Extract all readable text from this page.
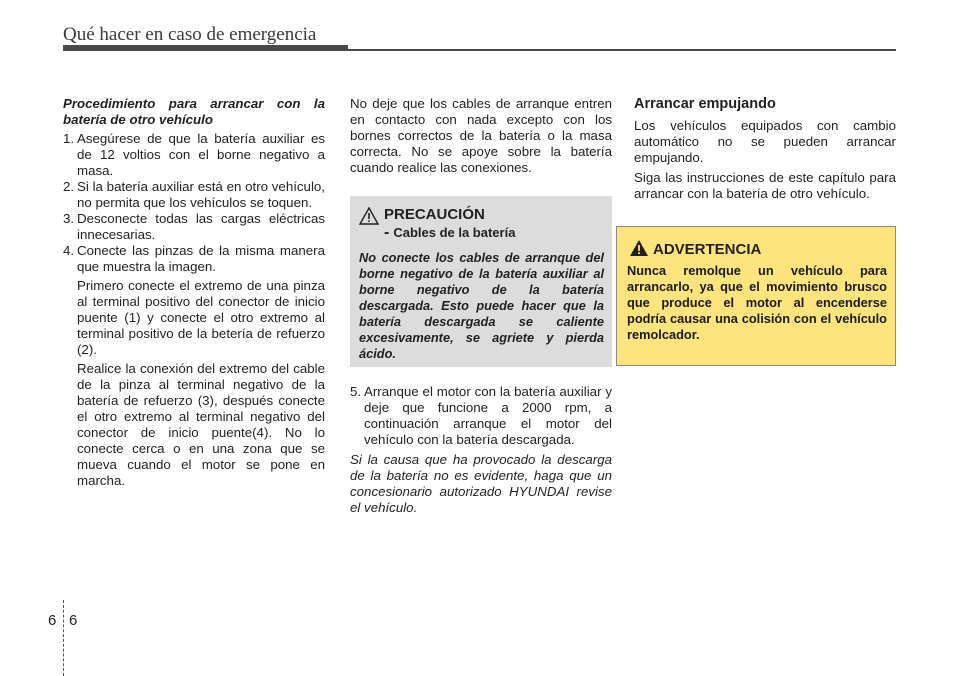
Qué hacer en caso de emergencia
Procedimiento para arrancar con la batería de otro vehículo
1. Asegúrese de que la batería auxiliar es de 12 voltios con el borne negativo a masa.
2. Si la batería auxiliar está en otro vehículo, no permita que los vehículos se toquen.
3. Desconecte todas las cargas eléctricas innecesarias.
4. Conecte las pinzas de la misma manera que muestra la imagen.
Primero conecte el extremo de una pinza al terminal positivo del conector de inicio puente (1) y conecte el otro extremo al terminal positivo de la betería de refuerzo (2).
Realice la conexión del extremo del cable de la pinza al terminal negativo de la batería de refuerzo (3), después conecte el otro extremo al terminal negativo del conector de inicio puente(4). No lo conecte cerca o en una zona que se mueva cuando el motor se pone en marcha.
No deje que los cables de arranque entren en contacto con nada excepto con los bornes correctos de la batería o la masa correcta. No se apoye sobre la batería cuando realice las conexiones.
PRECAUCIÓN
- Cables de la batería
No conecte los cables de arranque del borne negativo de la batería auxiliar al borne negativo de la batería descargada. Esto puede hacer que la batería descargada se caliente excesivamente, se agriete y pierda ácido.
5. Arranque el motor con la batería auxiliar y deje que funcione a 2000 rpm, a continuación arranque el motor del vehículo con la batería descargada.
Si la causa que ha provocado la descarga de la batería no es evidente, haga que un concesionario autorizado HYUNDAI revise el vehículo.
Arrancar empujando
Los vehículos equipados con cambio automático no se pueden arrancar empujando.
Siga las instrucciones de este capítulo para arrancar con la batería de otro vehículo.
ADVERTENCIA
Nunca remolque un vehículo para arrancarlo, ya que el movimiento brusco que produce el motor al encenderse podría causar una colisión con el vehículo remolcador.
6 6
